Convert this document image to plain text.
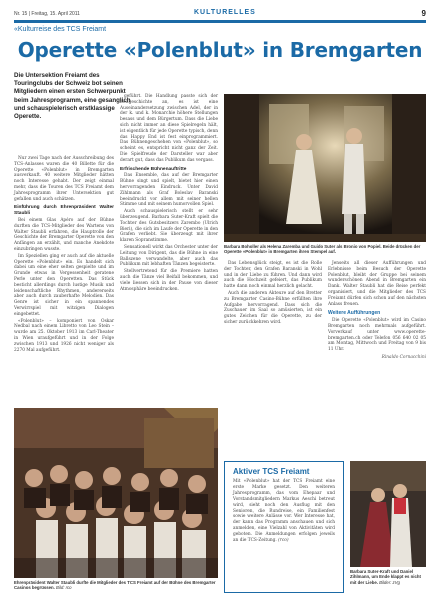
Nr. 15 | Freitag, 15. April 2011	KULTURELLES	9
«Kulturreise des TCS Freiamt
Operette «Polenblut» in Bremgarten
Die Untersektion Freiamt des Touringclubs der Schweiz bot seinen Mitgliedern einen ersten Schwerpunkt beim Jahresprogramm, eine gesanglich und schauspielerisch erstklassige Operette.

Nur zwei Tage nach der Ausschreibung des TCS-Anlasses waren die 40 Billette für die Operette «Polenblut» in Bremgarten ausverkauft. 40 weitere Mitglieder hätten noch Interesse gehabt. Der zeigt einmal mehr, dass die Touren des TCS Freiamt dem Jahresprogramm ihrer Untersektion gut gefallen und auch schätzen.

Einführung durch Ehrenpräsident Walter Staubli

Bei einem Glas Apéro auf der Bühne durften die TCS-Mitglieder des Wartens von Walter Staubli erfahren, die Hauptrolle der Geschichte der Bremgarter Operette von den Anfängen an erzählt, und manche Anekdote einzubringen wusste.

Im Speziellen ging er auch auf die aktuelle Operette «Polenblut» ein. Es handelt sich dabei um eine eher selten gespielte und im Grunde etwas in Vergessenheit geratene Perle unter den Operetten. Das Stück besticht allerdings durch lustige Musik und leidenschaftliche Rhythmen, andererseits aber auch durch zauberhafte Melodien. Das Genre ist sicher in ein spannendes Verwirrspiel mit witzigen Dialogen eingebettet.

«Polenblut» – komponiert von Oskar Nedbal nach einem Libretto von Leo Stein – wurde am 25. Oktober 1913 im Carl-Theater in Wien uraufgeführt und in der Folge zwischen 1913 und 1926 nicht weniger als 2270 Mal aufgeführt.

geführt. Die Handlung passte sich der Zeitgeschichte an, es ist eine Auseinandersetzung zwischen Adel, der in der k. und k. Monarchie höhere Stellungen besass und dem Bürgertum. Dass die Liebe sich nicht immer an diese Spielregeln hält, ist eigentlich für jede Operette typisch, denn das Happy End ist fest einprogrammiert. Das Bühnengeschehen von «Polenblut», so scheint es, entspricht nicht ganz der Zeit. Die Spielfreude der Darsteller war aber derart gut, dass das Publikum das vergass.

Erfrischende Bühnenauftritte

Das Ensemble, das auf der Bremgarter Bühne singt und spielt, bietet hier einen hervorragenden Eindruck. Unter David Zihlmann als Graf Boleslav Baranski beeindruckt vor allem mit seiner hellen Stimme und mit seinem humorvollen Spiel.

Auch schauspielerisch stellt er sehr überzeugend. Barbara Suter-Kraft spielt die Tochter des Gutsbesitzers Zarembo (Ulrich Bieri), die sich im Laufe der Operette in den Grafen verliebt. Sie überzeugt mit ihrer klaren Sopranstimme.

Sensationell wirkt das Orchester unter der Leitung von Dirigent, das die Bühne in eine Ballszene verwandelte, aber auch das Publikum mit lebhaften Tänzen begeisterte.

Stellvertretend für die Premiere hatten auch die Tänze viel Beifall bekommen, und viele liessen sich in der Pause von dieser Atmosphäre beeindrucken.

Barbara Boholler als Helena Zaremba und Guido Suter als Bronio von Popiel. Beide drücken der Operette «Polenblut» in Bremgarten ihren Stempel auf.

Das Lebensglück steigt, es ist die Rolle der Tochter, den Grafen Baranski in Wohl und in der Liebe zu führen. Und dann wird auch die Hochzeit gefeiert, das Publikum hatte dann noch einmal herzlich gelacht.

Auch die anderen Akteure auf den Bretter zu Bremgarter Casino-Bühne erfüllten ihre Aufgabe hervorragend. Dass sich die Zuschauer im Saal so amüsierten, ist ein gutes Zeichen für die Operette, zu der sicher zurückkehren wird.

Jenseits all dieser Aufführungen und Erlebnisse beim Besuch der Operette Polenblut, bleibt der Gruppe bei seinem wunderschönen Abend in Bremgarten ein Dank. Walter Staubli hat die Reise perfekt organisiert, und die Mitglieder des TCS Freiamt dürfen sich schon auf den nächsten Anlass freuen.

Weitere Aufführungen

Die Operette «Polenblut» wird im Casino Bremgarten noch mehrmals aufgeführt. Vorverkauf unter www.operette-bremgarten.ch oder Telefon 056 640 02 05 am Montag, Mittwoch und Freitag von 9 bis 11 Uhr.

Rinaldo Cornacchini
Ehrenpräsident Walter Staubli durfte die Mitglieder des TCS Freiamt auf der Bühne des Bremgarter Casinos begrüssen. Bild: rco
Aktiver TCS Freiamt
Mit «Polenblut» hat der TCS Freiamt eine erste Marke gesetzt. Den weiteren Jahresprogramm, das vom Ehepaar und Vorstandsmitgliedern Markus Aeschi betreut wird, sieht noch den Ausflug mit den Senioren, die Rundreise, ein Familienfest sowie weitere Anlässe vor. Wer Interesse hat, der kann das Programm anschauen und sich anmelden, eine Vielzahl von Aktivitäten wird geboten. Die Anmeldungen erfolgen jeweils an die TCS-Zeitung. (rco)
Barbara Suter-Kraft und Daniel Zihlmann, um Ende klappt es nicht mit der Liebe. Bilder: zVg
